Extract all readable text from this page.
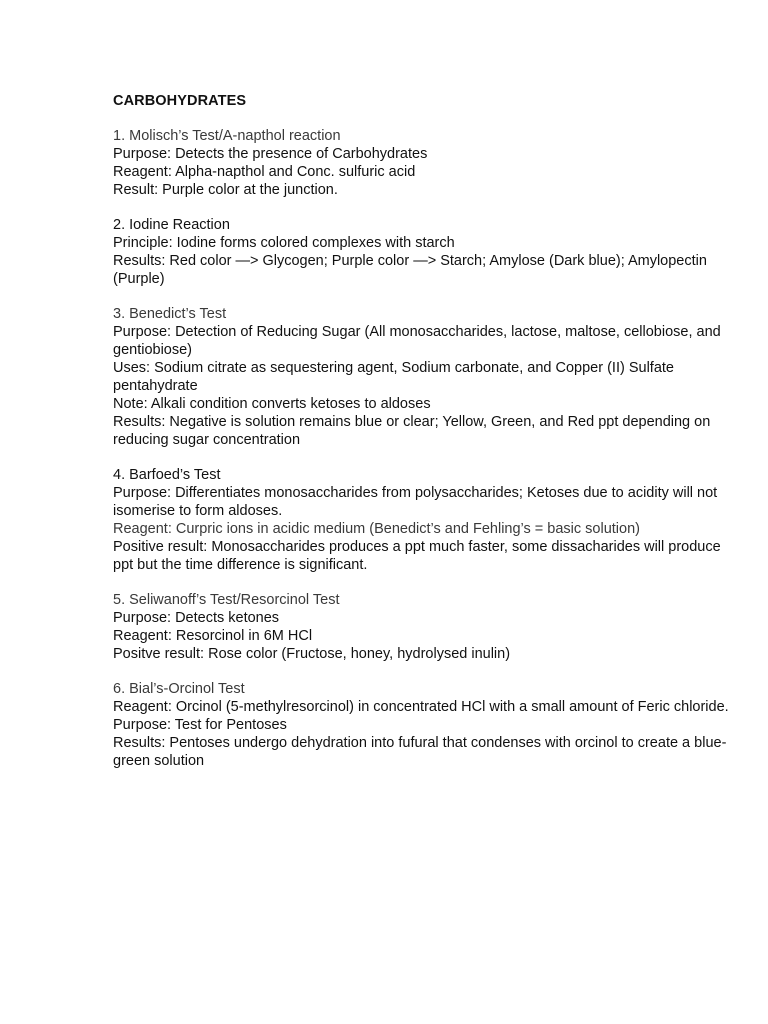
CARBOHYDRATES

1. Molisch’s Test/A-napthol reaction

Purpose: Detects the presence of Carbohydrates

Reagent: Alpha-napthol and Conc. sulfuric acid

Result: Purple color at the junction.

2. Iodine Reaction

Principle: Iodine forms colored complexes with starch

Results: Red color —> Glycogen; Purple color —> Starch; Amylose (Dark blue); Amylopectin (Purple)

3. Benedict’s Test

Purpose: Detection of Reducing Sugar (All monosaccharides, lactose, maltose, cellobiose, and gentiobiose)

Uses: Sodium citrate as sequestering agent, Sodium carbonate, and Copper (II) Sulfate pentahydrate

Note: Alkali condition converts ketoses to aldoses

Results: Negative is solution remains blue or clear; Yellow, Green, and Red ppt depending on reducing sugar concentration

4. Barfoed’s Test

Purpose: Differentiates monosaccharides from polysaccharides; Ketoses due to acidity will not isomerise to form aldoses.

Reagent: Curpric ions in acidic medium (Benedict’s and Fehling’s = basic solution)

Positive result: Monosaccharides produces a ppt much faster, some dissacharides will produce ppt but the time difference is significant.

5. Seliwanoff’s Test/Resorcinol Test

Purpose: Detects ketones

Reagent: Resorcinol in 6M HCl

Positve result: Rose color (Fructose, honey, hydrolysed inulin)

6. Bial’s-Orcinol Test

Reagent: Orcinol (5-methylresorcinol) in concentrated HCl with a small amount of Feric chloride.

Purpose: Test for Pentoses

Results: Pentoses undergo dehydration into fufural that condenses with orcinol to create a blue-green solution
